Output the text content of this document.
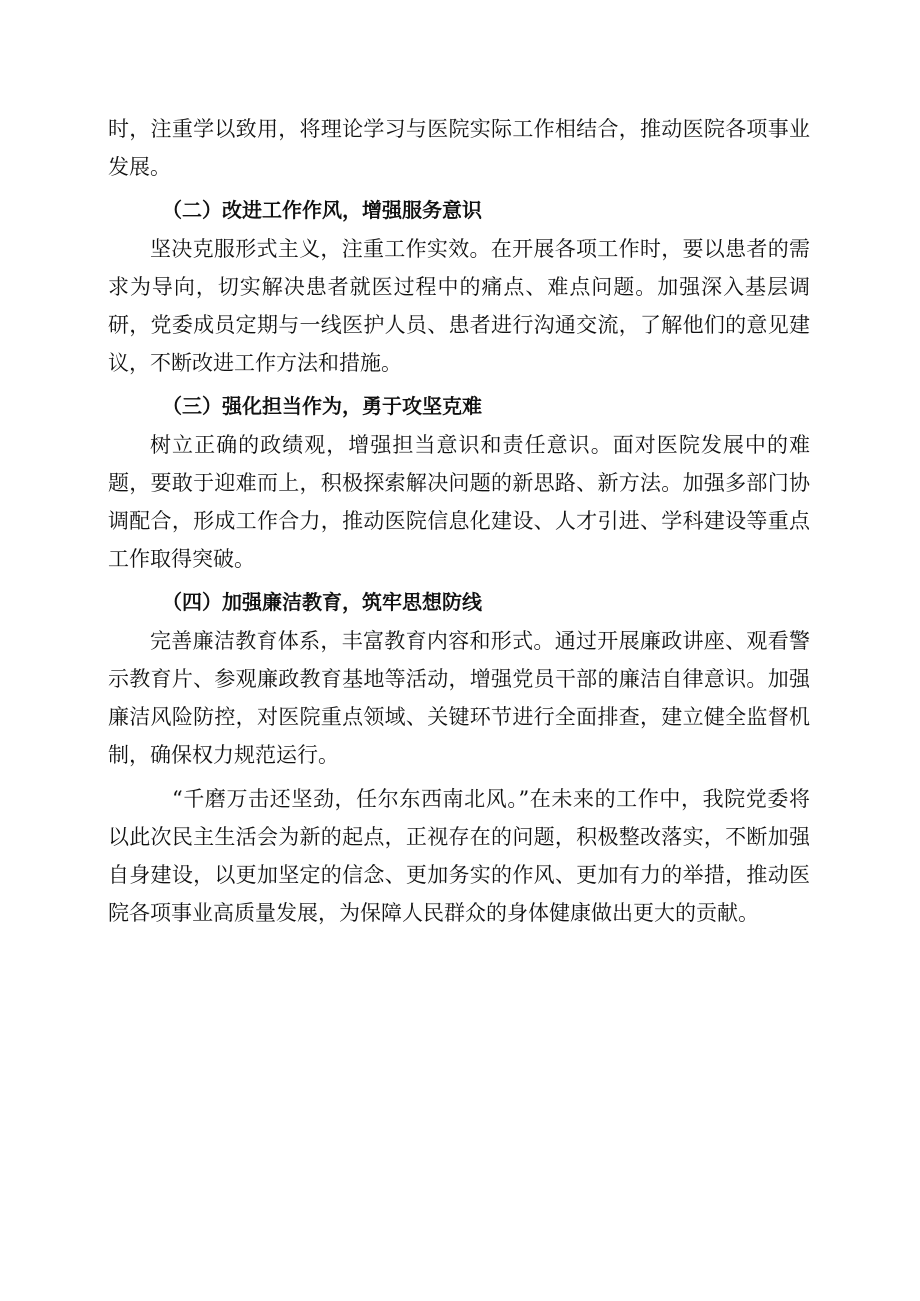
时，注重学以致用，将理论学习与医院实际工作相结合，推动医院各项事业发展。

（二）改进工作作风，增强服务意识

坚决克服形式主义，注重工作实效。在开展各项工作时，要以患者的需求为导向，切实解决患者就医过程中的痛点、难点问题。加强深入基层调研，党委成员定期与一线医护人员、患者进行沟通交流，了解他们的意见建议，不断改进工作方法和措施。

（三）强化担当作为，勇于攻坚克难

树立正确的政绩观，增强担当意识和责任意识。面对医院发展中的难题，要敢于迎难而上，积极探索解决问题的新思路、新方法。加强多部门协调配合，形成工作合力，推动医院信息化建设、人才引进、学科建设等重点工作取得突破。

（四）加强廉洁教育，筑牢思想防线

完善廉洁教育体系，丰富教育内容和形式。通过开展廉政讲座、观看警示教育片、参观廉政教育基地等活动，增强党员干部的廉洁自律意识。加强廉洁风险防控，对医院重点领域、关键环节进行全面排查，建立健全监督机制，确保权力规范运行。

“千磨万击还坚劲，任尔东西南北风。”在未来的工作中，我院党委将以此次民主生活会为新的起点，正视存在的问题，积极整改落实，不断加强自身建设，以更加坚定的信念、更加务实的作风、更加有力的举措，推动医院各项事业高质量发展，为保障人民群众的身体健康做出更大的贡献。
